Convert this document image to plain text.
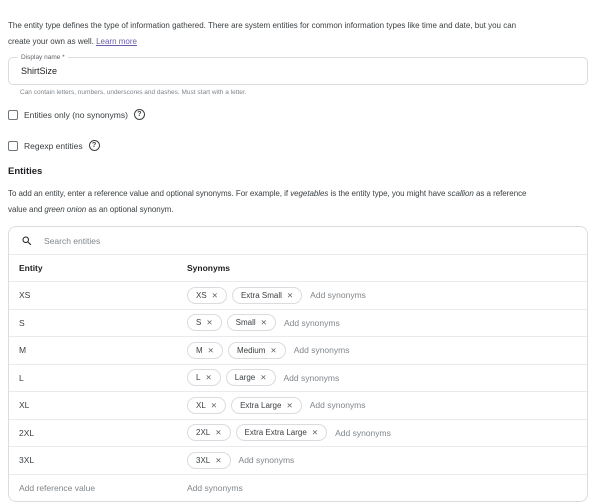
The entity type defines the type of information gathered. There are system entities for common information types like time and date, but you can
create your own as well. Learn more

Display name *
ShirtSize
Can contain letters, numbers, underscores and dashes. Must start with a letter.
Entities only (no synonyms)	?
Regexp entities	?
Entities

To add an entity, enter a reference value and optional synonyms. For example, if vegetables is the entity type, you might have scallion as a reference
value and green onion as an optional synonym.

Search entities
Entity	Synonyms
XS	XS ✕	Extra Small ✕ Add synonyms
S	S ✕	Small ✕ Add synonyms
M	M ✕	Medium ✕ Add synonyms
L	L ✕	Large ✕ Add synonyms
XL	XL ✕	Extra Large ✕ Add synonyms
2XL	2XL ✕	Extra Extra Large ✕ Add synonyms
3XL	3XL ✕ Add synonyms
Add reference value	Add synonyms
